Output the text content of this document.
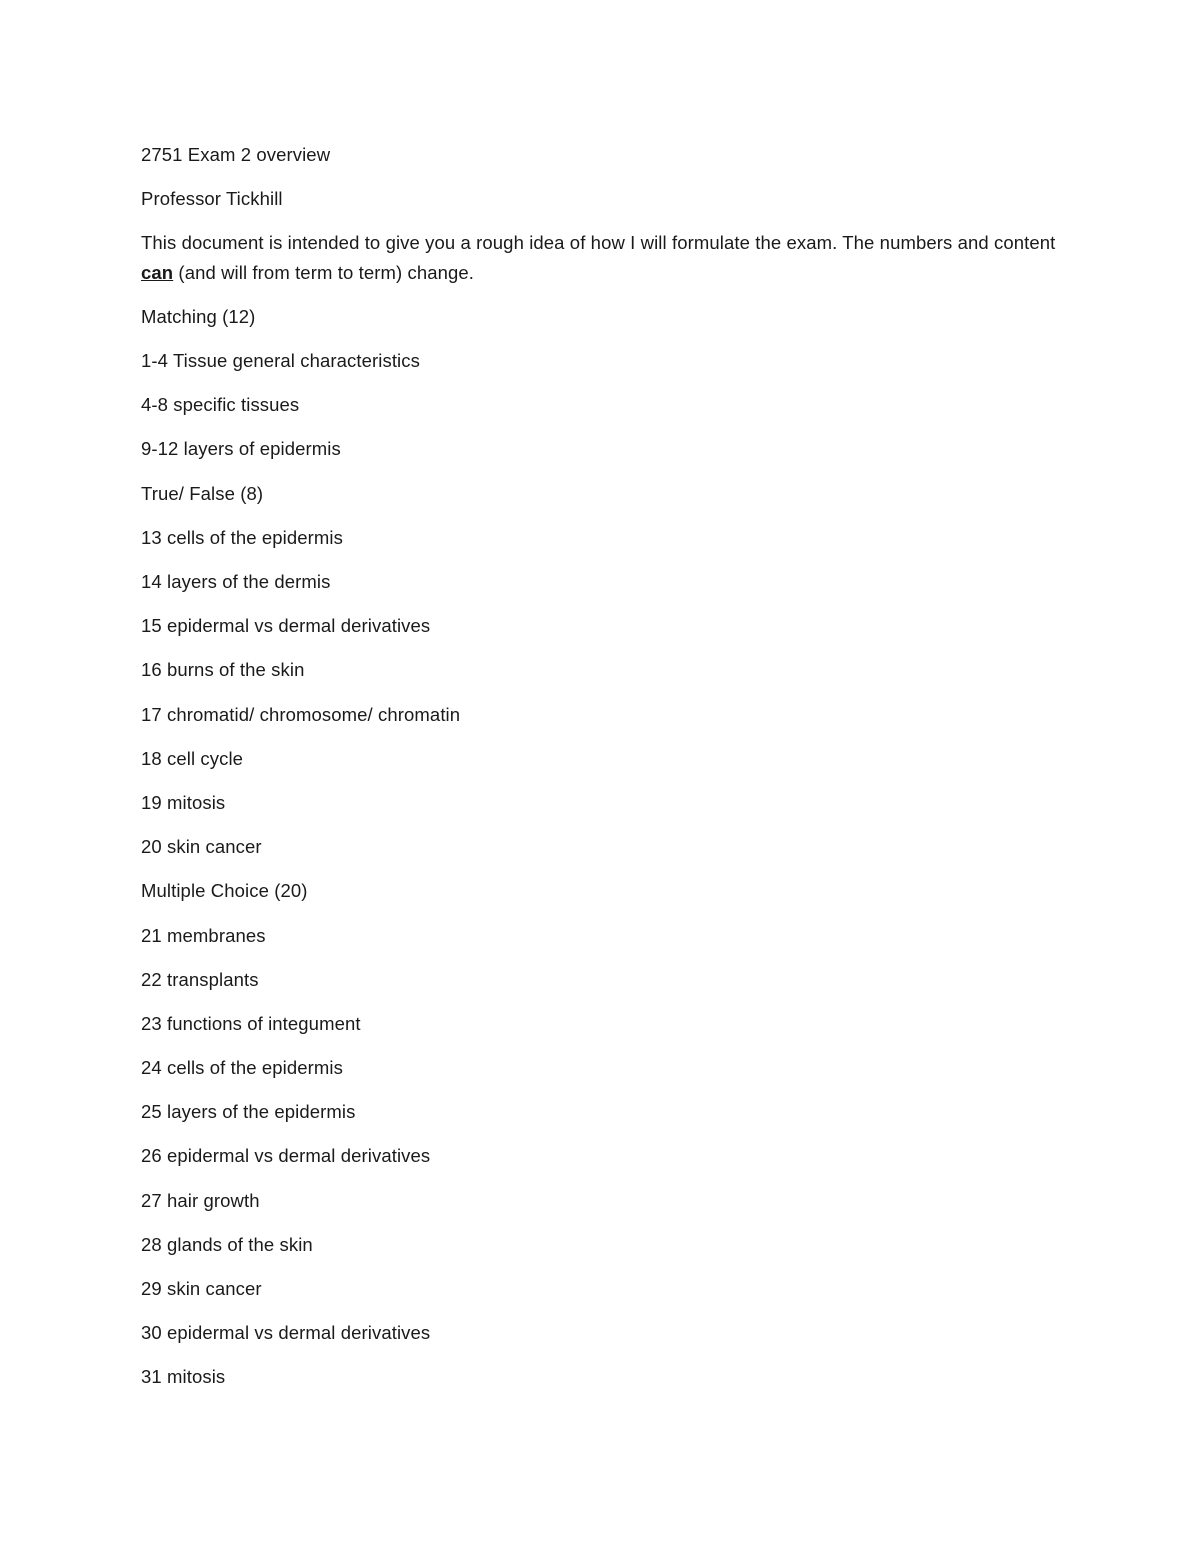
2751 Exam 2 overview

Professor Tickhill

This document is intended to give you a rough idea of how I will formulate the exam. The numbers and content can (and will from term to term) change.

Matching (12)

1-4 Tissue general characteristics

4-8 specific tissues

9-12 layers of epidermis

True/ False (8)

13 cells of the epidermis

14 layers of the dermis

15 epidermal vs dermal derivatives

16 burns of the skin

17 chromatid/ chromosome/ chromatin

18 cell cycle

19 mitosis

20 skin cancer

Multiple Choice (20)

21 membranes

22 transplants

23 functions of integument

24 cells of the epidermis

25 layers of the epidermis

26 epidermal vs dermal derivatives

27 hair growth

28 glands of the skin

29 skin cancer

30 epidermal vs dermal derivatives

31 mitosis
